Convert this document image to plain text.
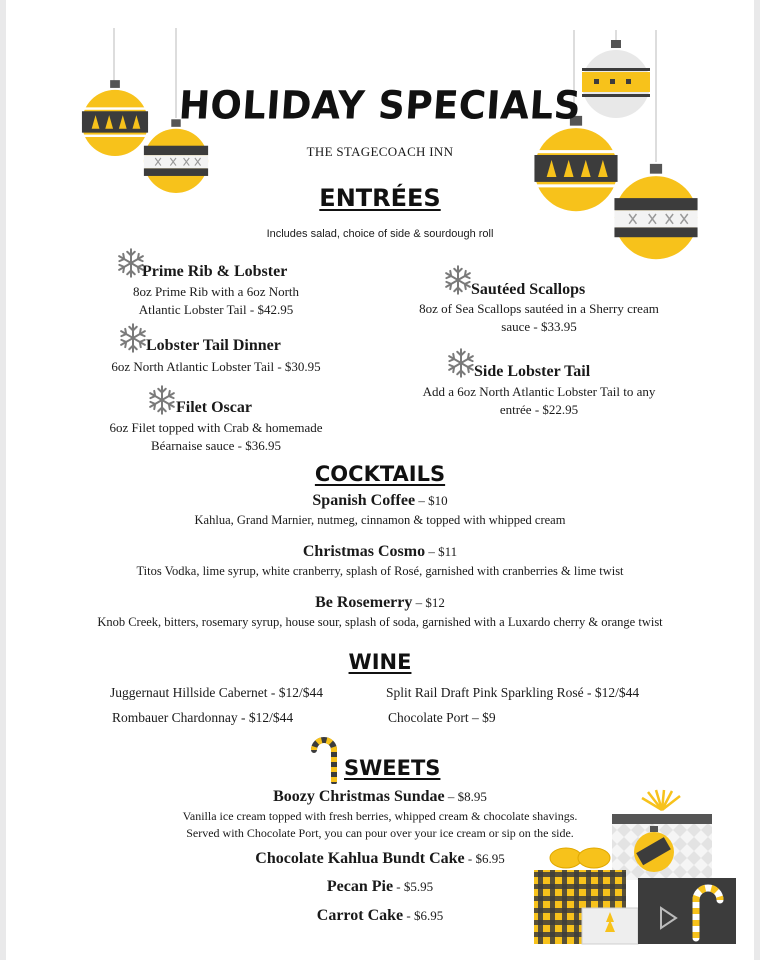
HOLIDAY SPECIALS
THE STAGECOACH INN
ENTRÉES
Includes salad, choice of side & sourdough roll
Prime Rib & Lobster
8oz Prime Rib with a 6oz North
Atlantic Lobster Tail - $42.95
Lobster Tail Dinner
6oz North Atlantic Lobster Tail - $30.95
Filet Oscar
6oz Filet topped with Crab & homemade
Béarnaise sauce - $36.95
Sautéed Scallops
8oz of Sea Scallops sautéed in a Sherry cream
sauce - $33.95
Side Lobster Tail
Add a 6oz North Atlantic Lobster Tail to any
entrée - $22.95
COCKTAILS
Spanish Coffee – $10
Kahlua, Grand Marnier, nutmeg, cinnamon & topped with whipped cream
Christmas Cosmo – $11
Titos Vodka, lime syrup, white cranberry, splash of Rosé, garnished with cranberries & lime twist
Be Rosemerry – $12
Knob Creek, bitters, rosemary syrup, house sour, splash of soda, garnished with a Luxardo cherry & orange twist
WINE
Juggernaut Hillside Cabernet - $12/$44
Rombauer Chardonnay - $12/$44
Split Rail Draft Pink Sparkling Rosé - $12/$44
Chocolate Port – $9
SWEETS
Boozy Christmas Sundae – $8.95
Vanilla ice cream topped with fresh berries, whipped cream & chocolate shavings.
Served with Chocolate Port, you can pour over your ice cream or sip on the side.
Chocolate Kahlua Bundt Cake - $6.95
Pecan Pie - $5.95
Carrot Cake - $6.95
